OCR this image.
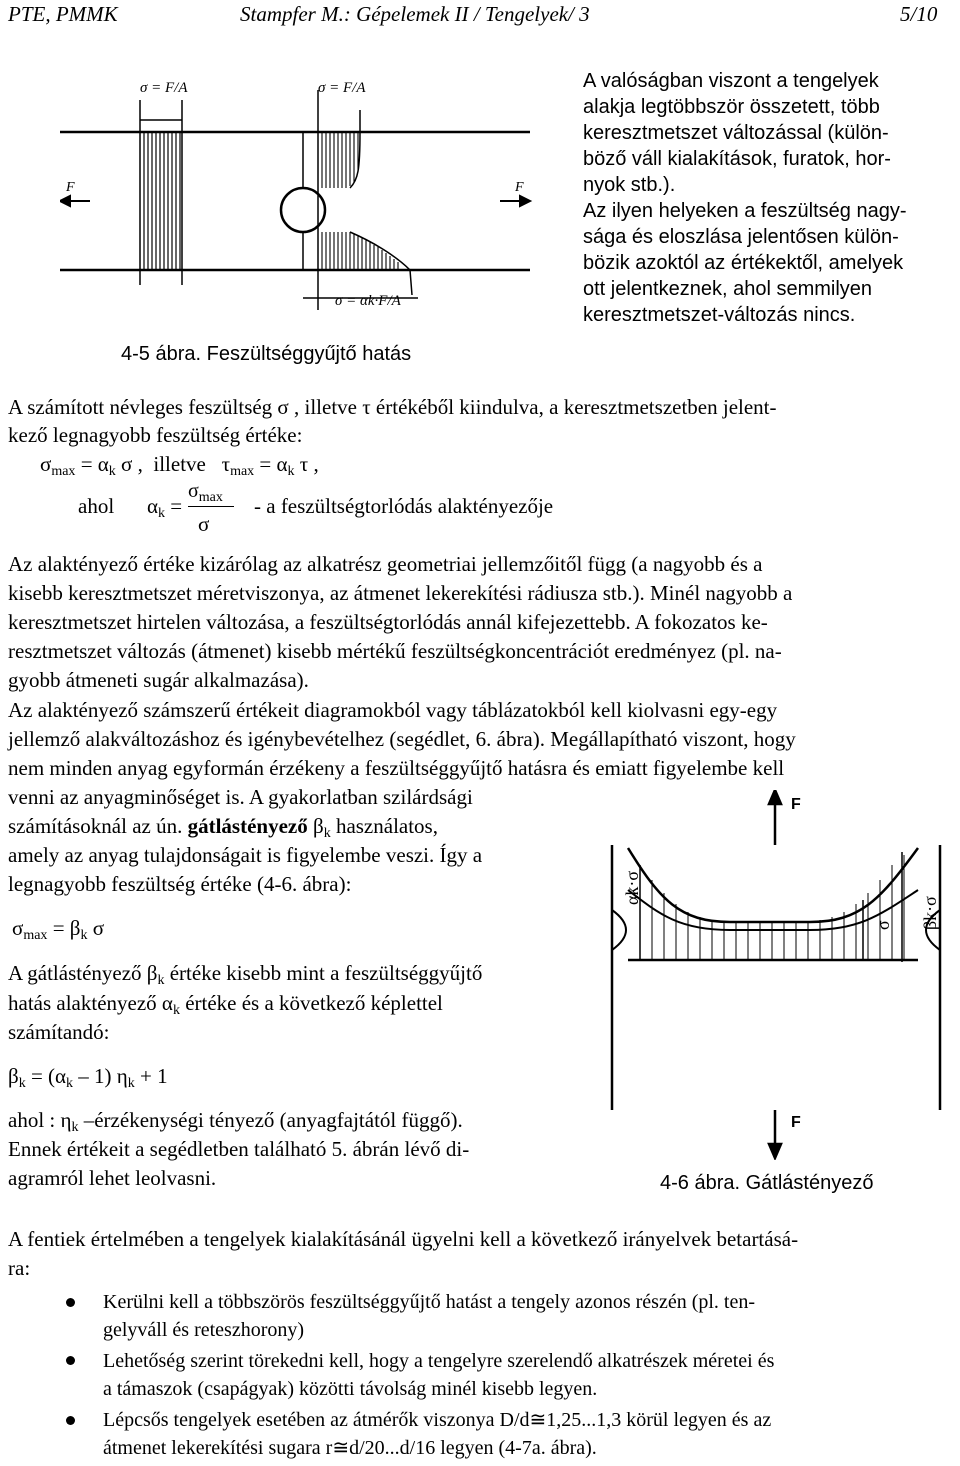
PTE, PMMK	Stampfer M.: Gépelemek II / Tengelyek/ 3	5/10
σ = F/A	σ = F/A
σ = αk·F/A
F	F
4-5 ábra. Feszültséggyűjtő hatás
A valóságban viszont a tengelyek
alakja legtöbbször összetett, több
keresztmetszet változással (külön-
böző váll kialakítások, furatok, hor-
nyok stb.).
Az ilyen helyeken a feszültség nagy-
sága és eloszlása jelentősen külön-
bözik azoktól az értékektől, amelyek
ott jelentkeznek, ahol semmilyen
keresztmetszet-változás nincs.
A számított névleges feszültség σ , illetve τ értékéből kiindulva, a keresztmetszetben jelent-
kező legnagyobb feszültség értéke:
$\sigma_{max} = \alpha_k$ σ , illetve $\tau_{max} = \alpha_k$ τ ,
ahol $\alpha_k$ =
$\sigma_{max}$
σ
- a feszültségtorlódás alaktényezője
Az alaktényező értéke kizárólag az alkatrész geometriai jellemzőitől függ (a nagyobb és a
kisebb keresztmetszet méretviszonya, az átmenet lekerekítési rádiusza stb.). Minél nagyobb a
keresztmetszet hirtelen változása, a feszültségtorlódás annál kifejezettebb. A fokozatos ke-
resztmetszet változás (átmenet) kisebb mértékű feszültségkoncentrációt eredményez (pl. na-
gyobb átmeneti sugár alkalmazása).
Az alaktényező számszerű értékeit diagramokból vagy táblázatokból kell kiolvasni egy-egy
jellemző alakváltozáshoz és igénybevételhez (segédlet, 6. ábra). Megállapítható viszont, hogy
nem minden anyag egyformán érzékeny a feszültséggyűjtő hatásra és emiatt figyelembe kell
venni az anyagminőséget is. A gyakorlatban szilárdsági
számításoknál az ún. gátlástényező $\beta_k$ használatos,
amely az anyag tulajdonságait is figyelembe veszi. Így a
legnagyobb feszültség értéke (4-6. ábra):
$\sigma_{max} = \beta_k$ σ
A gátlástényező $\beta_k$ értéke kisebb mint a feszültséggyűjtő
hatás alaktényező $\alpha_k$ értéke és a következő képlettel
számítandó:
$\beta_k = (\alpha_k - 1) \eta_k + 1$
ahol : $\eta_k$ –érzékenységi tényező (anyagfajtától függő).
Ennek értékeit a segédletben található 5. ábrán lévő di-
agramról lehet leolvasni.
αk·σ
σ βk·σ
F
F
4-6 ábra. Gátlástényező
A fentiek értelmében a tengelyek kialakításánál ügyelni kell a következő irányelvek betartásá-
ra:
Kerülni kell a többszörös feszültséggyűjtő hatást a tengely azonos részén (pl. ten-
gelyváll és reteszhorony)
Lehetőség szerint törekedni kell, hogy a tengelyre szerelendő alkatrészek méretei és
a támaszok (csapágyak) közötti távolság minél kisebb legyen.
Lépcsős tengelyek esetében az átmérők viszonya D/d≅1,25...1,3 körül legyen és az
átmenet lekerekítési sugara r≅d/20...d/16 legyen (4-7a. ábra).
